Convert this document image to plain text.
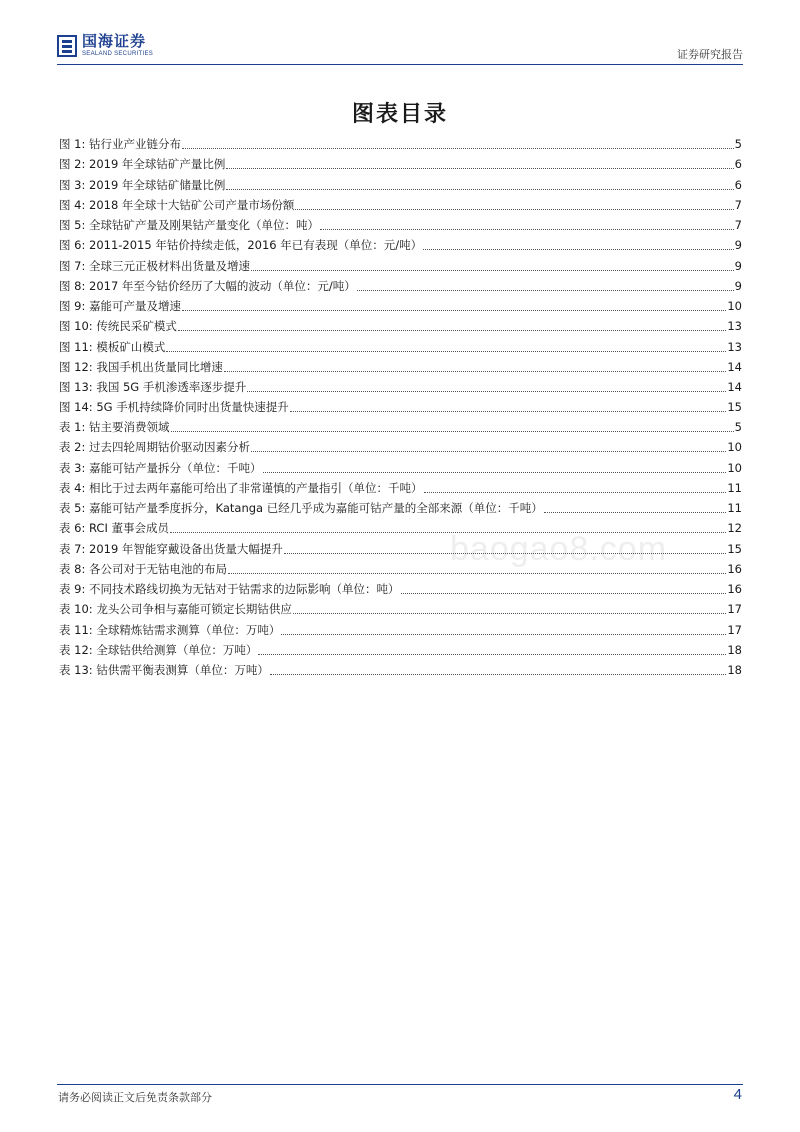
国海证券
SEALAND SECURITIES	证券研究报告
图表目录
baogao8.com
图 1: 钴行业产业链分布	5
图 2: 2019 年全球钴矿产量比例	6
图 3: 2019 年全球钴矿储量比例	6
图 4: 2018 年全球十大钴矿公司产量市场份额	7
图 5: 全球钴矿产量及刚果钴产量变化（单位：吨）	7
图 6: 2011-2015 年钴价持续走低，2016 年已有表现（单位：元/吨）	9
图 7: 全球三元正极材料出货量及增速	9
图 8: 2017 年至今钴价经历了大幅的波动（单位：元/吨）	9
图 9: 嘉能可产量及增速	10
图 10: 传统民采矿模式	13
图 11: 模板矿山模式	13
图 12: 我国手机出货量同比增速	14
图 13: 我国 5G 手机渗透率逐步提升	14
图 14: 5G 手机持续降价同时出货量快速提升	15
表 1: 钴主要消费领域	5
表 2: 过去四轮周期钴价驱动因素分析	10
表 3: 嘉能可钴产量拆分（单位：千吨）	10
表 4: 相比于过去两年嘉能可给出了非常谨慎的产量指引（单位：千吨）	11
表 5: 嘉能可钴产量季度拆分，Katanga 已经几乎成为嘉能可钴产量的全部来源（单位：千吨）	11
表 6: RCI 董事会成员	12
表 7: 2019 年智能穿戴设备出货量大幅提升	15
表 8: 各公司对于无钴电池的布局	16
表 9: 不同技术路线切换为无钴对于钴需求的边际影响（单位：吨）	16
表 10: 龙头公司争相与嘉能可锁定长期钴供应	17
表 11: 全球精炼钴需求测算（单位：万吨）	17
表 12: 全球钴供给测算（单位：万吨）	18
表 13: 钴供需平衡表测算（单位：万吨）	18
请务必阅读正文后免责条款部分	4
